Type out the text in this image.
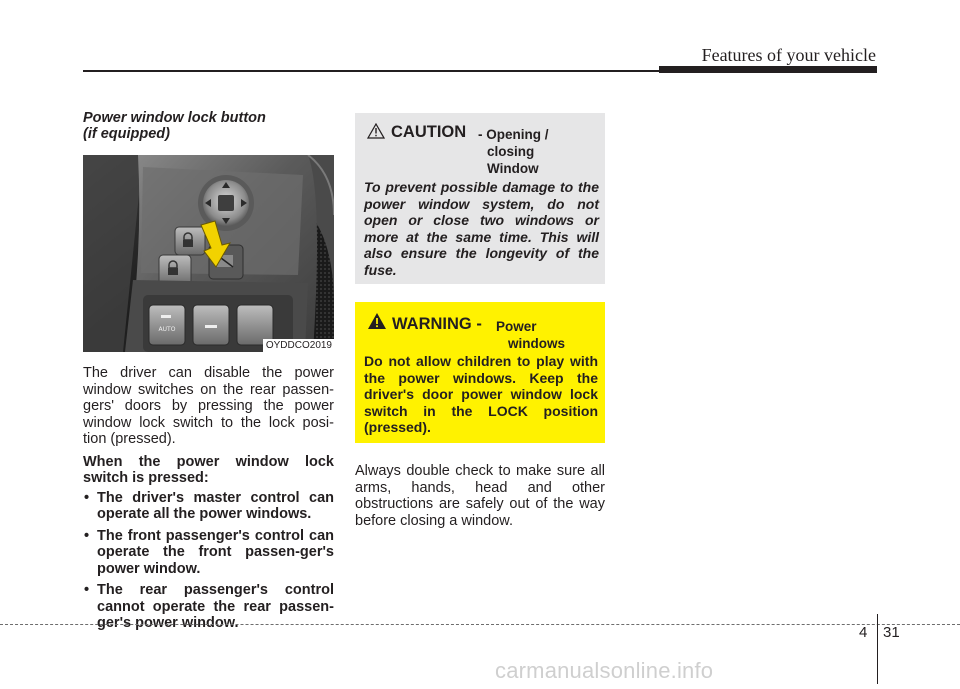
Features of your vehicle

Power window lock button
(if equipped)

AUTO
OYDDCO2019
The driver can disable the power window switches on the rear passen-gers' doors by pressing the power window lock switch to the lock posi-tion (pressed).
When the power window lock switch is pressed:
• The driver's master control can operate all the power windows.
• The front passenger's control can operate the front passen-ger's power window.
• The rear passenger's control cannot operate the rear passen-ger's power window.
CAUTION - Opening /
closing
Window
To prevent possible damage to the power window system, do not open or close two windows or more at the same time. This will also ensure the longevity of the fuse.
WARNING - Power
windows
Do not allow children to play with the power windows. Keep the driver's door power window lock switch in the LOCK position (pressed).
Always double check to make sure all arms, hands, head and other obstructions are safely out of the way before closing a window.
4 31
carmanualsonline.info
